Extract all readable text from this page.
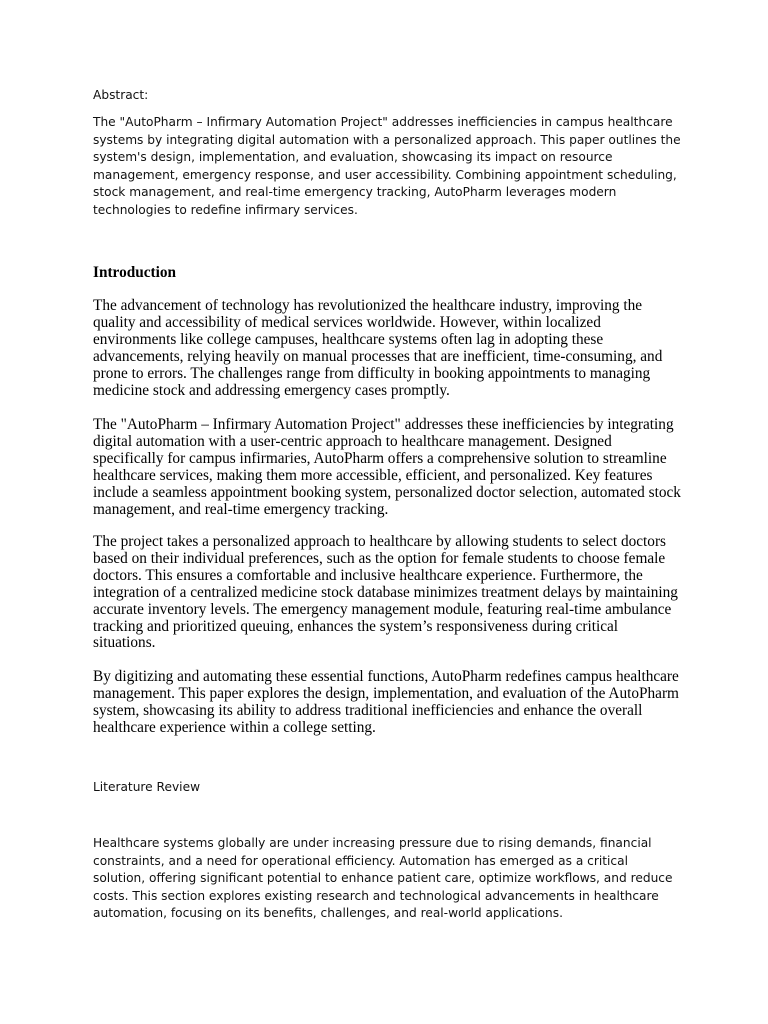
Abstract:

The "AutoPharm – Infirmary Automation Project" addresses inefficiencies in campus healthcare systems by integrating digital automation with a personalized approach. This paper outlines the system's design, implementation, and evaluation, showcasing its impact on resource management, emergency response, and user accessibility. Combining appointment scheduling, stock management, and real-time emergency tracking, AutoPharm leverages modern technologies to redefine infirmary services.

Introduction

The advancement of technology has revolutionized the healthcare industry, improving the quality and accessibility of medical services worldwide. However, within localized environments like college campuses, healthcare systems often lag in adopting these advancements, relying heavily on manual processes that are inefficient, time-consuming, and prone to errors. The challenges range from difficulty in booking appointments to managing medicine stock and addressing emergency cases promptly.

The "AutoPharm – Infirmary Automation Project" addresses these inefficiencies by integrating digital automation with a user-centric approach to healthcare management. Designed specifically for campus infirmaries, AutoPharm offers a comprehensive solution to streamline healthcare services, making them more accessible, efficient, and personalized. Key features include a seamless appointment booking system, personalized doctor selection, automated stock management, and real-time emergency tracking.

The project takes a personalized approach to healthcare by allowing students to select doctors based on their individual preferences, such as the option for female students to choose female doctors. This ensures a comfortable and inclusive healthcare experience. Furthermore, the integration of a centralized medicine stock database minimizes treatment delays by maintaining accurate inventory levels. The emergency management module, featuring real-time ambulance tracking and prioritized queuing, enhances the system’s responsiveness during critical situations.

By digitizing and automating these essential functions, AutoPharm redefines campus healthcare management. This paper explores the design, implementation, and evaluation of the AutoPharm system, showcasing its ability to address traditional inefficiencies and enhance the overall healthcare experience within a college setting.

Literature Review

Healthcare systems globally are under increasing pressure due to rising demands, financial constraints, and a need for operational efficiency. Automation has emerged as a critical solution, offering significant potential to enhance patient care, optimize workflows, and reduce costs. This section explores existing research and technological advancements in healthcare automation, focusing on its benefits, challenges, and real-world applications.
